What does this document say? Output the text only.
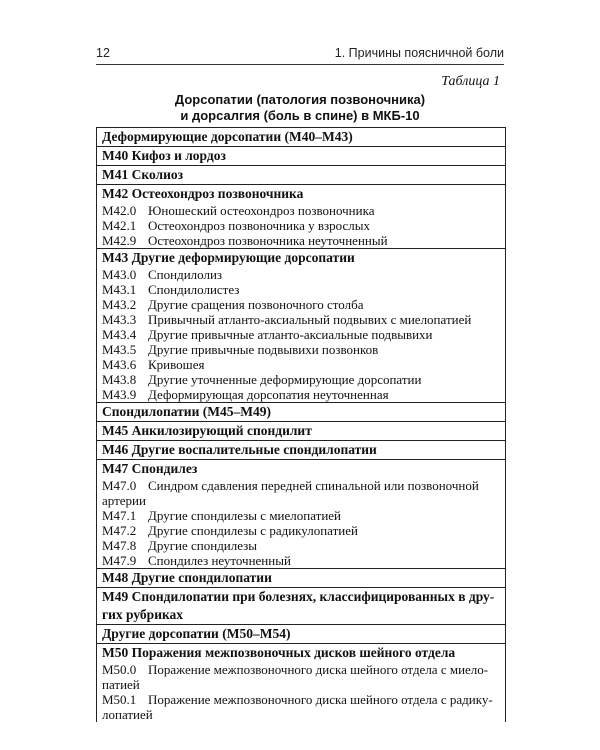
12	1. Причины поясничной боли
Таблица 1
Дорсопатии (патология позвоночника)
и дорсалгия (боль в спине) в МКБ-10
Деформирующие дорсопатии (М40–М43)
М40 Кифоз и лордоз
М41 Сколиоз
М42 Остеохондроз позвоночника
М42.0 Юношеский остеохондроз позвоночника
М42.1 Остеохондроз позвоночника у взрослых
М42.9 Остеохондроз позвоночника неуточненный
М43 Другие деформирующие дорсопатии
М43.0 Спондилолиз
М43.1 Спондилолистез
М43.2 Другие сращения позвоночного столба
М43.3 Привычный атланто-аксиальный подвывих с миелопатией
М43.4 Другие привычные атланто-аксиальные подвывихи
М43.5 Другие привычные подвывихи позвонков
М43.6 Кривошея
М43.8 Другие уточненные деформирующие дорсопатии
М43.9 Деформирующая дорсопатия неуточненная
Спондилопатии (М45–М49)
М45 Анкилозирующий спондилит
М46 Другие воспалительные спондилопатии
М47 Спондилез
М47.0 Синдром сдавления передней спинальной или позвоночной
артерии
М47.1 Другие спондилезы с миелопатией
М47.2 Другие спондилезы с радикулопатией
М47.8 Другие спондилезы
М47.9 Спондилез неуточненный
М48 Другие спондилопатии
М49 Спондилопатии при болезнях, классифицированных в дру-
гих рубриках
Другие дорсопатии (М50–М54)
М50 Поражения межпозвоночных дисков шейного отдела
М50.0 Поражение межпозвоночного диска шейного отдела с миело-
патией
М50.1 Поражение межпозвоночного диска шейного отдела с радику-
лопатией
